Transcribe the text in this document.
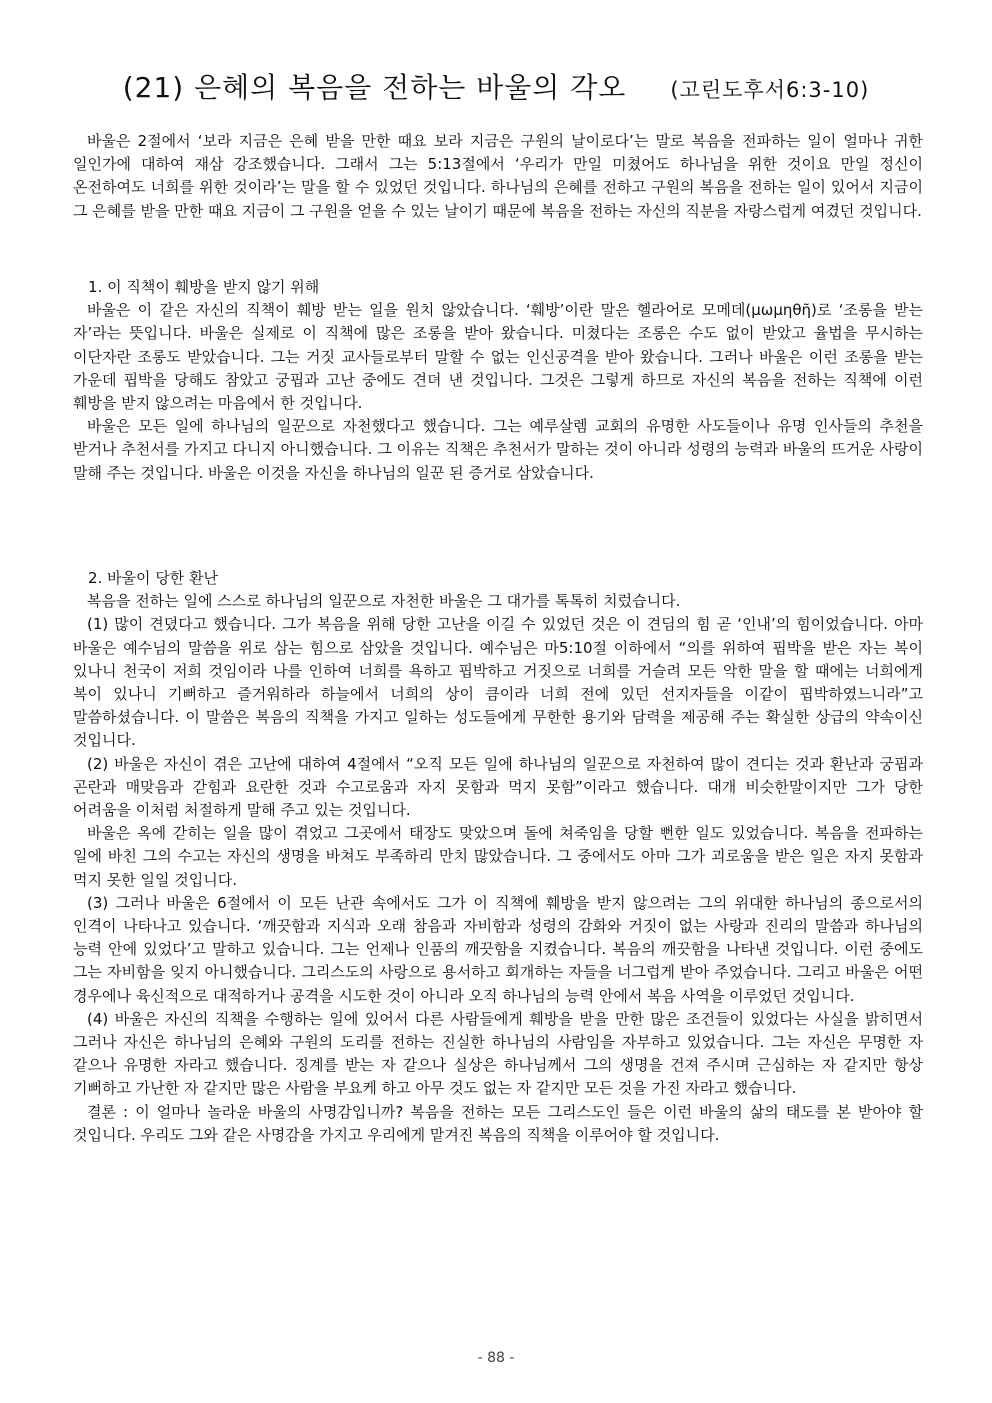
(21) 은혜의 복음을 전하는 바울의 각오 (고린도후서6:3-10)

바울은 2절에서 ‘보라 지금은 은혜 받을 만한 때요 보라 지금은 구원의 날이로다’는 말로 복음을 전파하는 일이 얼마나 귀한 일인가에 대하여 재삼 강조했습니다. 그래서 그는 5:13절에서 ‘우리가 만일 미쳤어도 하나님을 위한 것이요 만일 정신이 온전하여도 너희를 위한 것이라’는 말을 할 수 있었던 것입니다. 하나님의 은혜를 전하고 구원의 복음을 전하는 일이 있어서 지금이 그 은혜를 받을 만한 때요 지금이 그 구원을 얻을 수 있는 날이기 때문에 복음을 전하는 자신의 직분을 자랑스럽게 여겼던 것입니다.

1. 이 직책이 훼방을 받지 않기 위해

바울은 이 같은 자신의 직책이 훼방 받는 일을 원치 않았습니다. ‘훼방’이란 말은 헬라어로 모메데(μωμηθῆ)로 ‘조롱을 받는 자’라는 뜻입니다. 바울은 실제로 이 직책에 많은 조롱을 받아 왔습니다. 미쳤다는 조롱은 수도 없이 받았고 율법을 무시하는 이단자란 조롱도 받았습니다. 그는 거짓 교사들로부터 말할 수 없는 인신공격을 받아 왔습니다. 그러나 바울은 이런 조롱을 받는 가운데 핍박을 당해도 참았고 궁핍과 고난 중에도 견뎌 낸 것입니다. 그것은 그렇게 하므로 자신의 복음을 전하는 직책에 이런 훼방을 받지 않으려는 마음에서 한 것입니다.

바울은 모든 일에 하나님의 일꾼으로 자천했다고 했습니다. 그는 예루살렘 교회의 유명한 사도들이나 유명 인사들의 추천을 받거나 추천서를 가지고 다니지 아니했습니다. 그 이유는 직책은 추천서가 말하는 것이 아니라 성령의 능력과 바울의 뜨거운 사랑이 말해 주는 것입니다. 바울은 이것을 자신을 하나님의 일꾼 된 증거로 삼았습니다.

2. 바울이 당한 환난

복음을 전하는 일에 스스로 하나님의 일꾼으로 자천한 바울은 그 대가를 톡톡히 치렀습니다.

(1) 많이 견뎠다고 했습니다. 그가 복음을 위해 당한 고난을 이길 수 있었던 것은 이 견딤의 힘 곧 ‘인내’의 힘이었습니다. 아마 바울은 예수님의 말씀을 위로 삼는 힘으로 삼았을 것입니다. 예수님은 마5:10절 이하에서 “의를 위하여 핍박을 받은 자는 복이 있나니 천국이 저희 것임이라 나를 인하여 너희를 욕하고 핍박하고 거짓으로 너희를 거슬려 모든 악한 말을 할 때에는 너희에게 복이 있나니 기뻐하고 즐거워하라 하늘에서 너희의 상이 큼이라 너희 전에 있던 선지자들을 이같이 핍박하였느니라”고 말씀하셨습니다. 이 말씀은 복음의 직책을 가지고 일하는 성도들에게 무한한 용기와 담력을 제공해 주는 확실한 상급의 약속이신 것입니다.

(2) 바울은 자신이 겪은 고난에 대하여 4절에서 “오직 모든 일에 하나님의 일꾼으로 자천하여 많이 견디는 것과 환난과 궁핍과 곤란과 매맞음과 갇힘과 요란한 것과 수고로움과 자지 못함과 먹지 못함”이라고 했습니다. 대개 비슷한말이지만 그가 당한 어려움을 이처럼 처절하게 말해 주고 있는 것입니다.

바울은 옥에 갇히는 일을 많이 겪었고 그곳에서 태장도 맞았으며 돌에 쳐죽임을 당할 뻔한 일도 있었습니다. 복음을 전파하는 일에 바친 그의 수고는 자신의 생명을 바쳐도 부족하리 만치 많았습니다. 그 중에서도 아마 그가 괴로움을 받은 일은 자지 못함과 먹지 못한 일일 것입니다.

(3) 그러나 바울은 6절에서 이 모든 난관 속에서도 그가 이 직책에 훼방을 받지 않으려는 그의 위대한 하나님의 종으로서의 인격이 나타나고 있습니다. ‘깨끗함과 지식과 오래 참음과 자비함과 성령의 감화와 거짓이 없는 사랑과 진리의 말씀과 하나님의 능력 안에 있었다’고 말하고 있습니다. 그는 언제나 인품의 깨끗함을 지켰습니다. 복음의 깨끗함을 나타낸 것입니다. 이런 중에도 그는 자비함을 잊지 아니했습니다. 그리스도의 사랑으로 용서하고 회개하는 자들을 너그럽게 받아 주었습니다. 그리고 바울은 어떤 경우에나 육신적으로 대적하거나 공격을 시도한 것이 아니라 오직 하나님의 능력 안에서 복음 사역을 이루었던 것입니다.

(4) 바울은 자신의 직책을 수행하는 일에 있어서 다른 사람들에게 훼방을 받을 만한 많은 조건들이 있었다는 사실을 밝히면서 그러나 자신은 하나님의 은혜와 구원의 도리를 전하는 진실한 하나님의 사람임을 자부하고 있었습니다. 그는 자신은 무명한 자 같으나 유명한 자라고 했습니다. 징계를 받는 자 같으나 실상은 하나님께서 그의 생명을 건져 주시며 근심하는 자 같지만 항상 기뻐하고 가난한 자 같지만 많은 사람을 부요케 하고 아무 것도 없는 자 같지만 모든 것을 가진 자라고 했습니다.

결론 : 이 얼마나 놀라운 바울의 사명감입니까? 복음을 전하는 모든 그리스도인 들은 이런 바울의 삶의 태도를 본 받아야 할 것입니다. 우리도 그와 같은 사명감을 가지고 우리에게 맡겨진 복음의 직책을 이루어야 할 것입니다.

- 88 -
